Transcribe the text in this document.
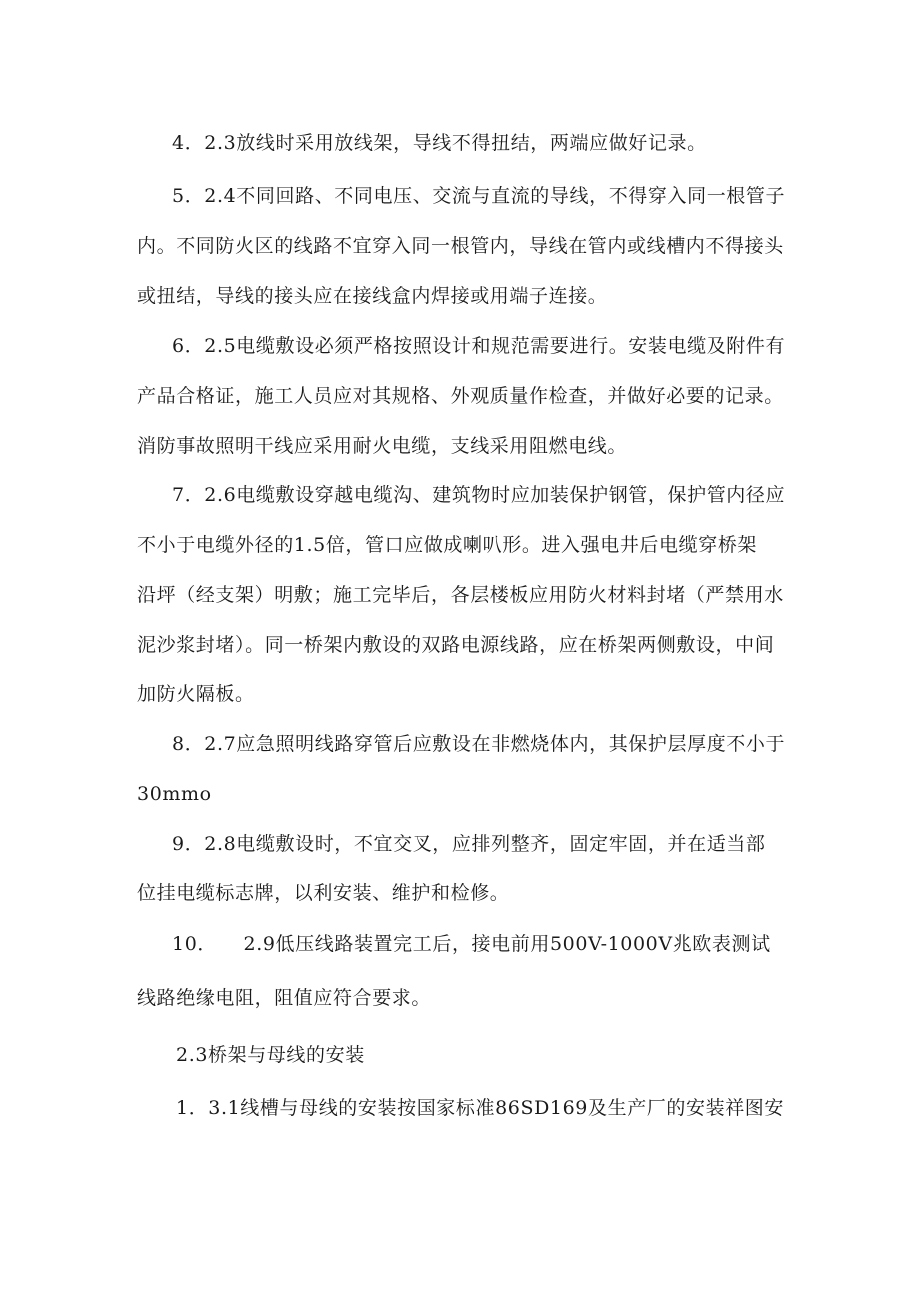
4．2.3放线时采用放线架，导线不得扭结，两端应做好记录。
5．2.4不同回路、不同电压、交流与直流的导线，不得穿入同一根管子
内。不同防火区的线路不宜穿入同一根管内，导线在管内或线槽内不得接头
或扭结，导线的接头应在接线盒内焊接或用端子连接。
6．2.5电缆敷设必须严格按照设计和规范需要进行。安装电缆及附件有
产品合格证，施工人员应对其规格、外观质量作检查，并做好必要的记录。
消防事故照明干线应采用耐火电缆，支线采用阻燃电线。
7．2.6电缆敷设穿越电缆沟、建筑物时应加装保护钢管，保护管内径应
不小于电缆外径的1.5倍，管口应做成喇叭形。进入强电井后电缆穿桥架
沿坪（经支架）明敷；施工完毕后，各层楼板应用防火材料封堵（严禁用水
泥沙浆封堵）。同一桥架内敷设的双路电源线路，应在桥架两侧敷设，中间
加防火隔板。
8．2.7应急照明线路穿管后应敷设在非燃烧体内，其保护层厚度不小于
30mmo
9．2.8电缆敷设时，不宜交叉，应排列整齐，固定牢固，并在适当部
位挂电缆标志牌，以利安装、维护和检修。
10．    2.9低压线路装置完工后，接电前用500V-1000V兆欧表测试
线路绝缘电阻，阻值应符合要求。
2.3桥架与母线的安装
1．3.1线槽与母线的安装按国家标准86SD169及生产厂的安装祥图安
